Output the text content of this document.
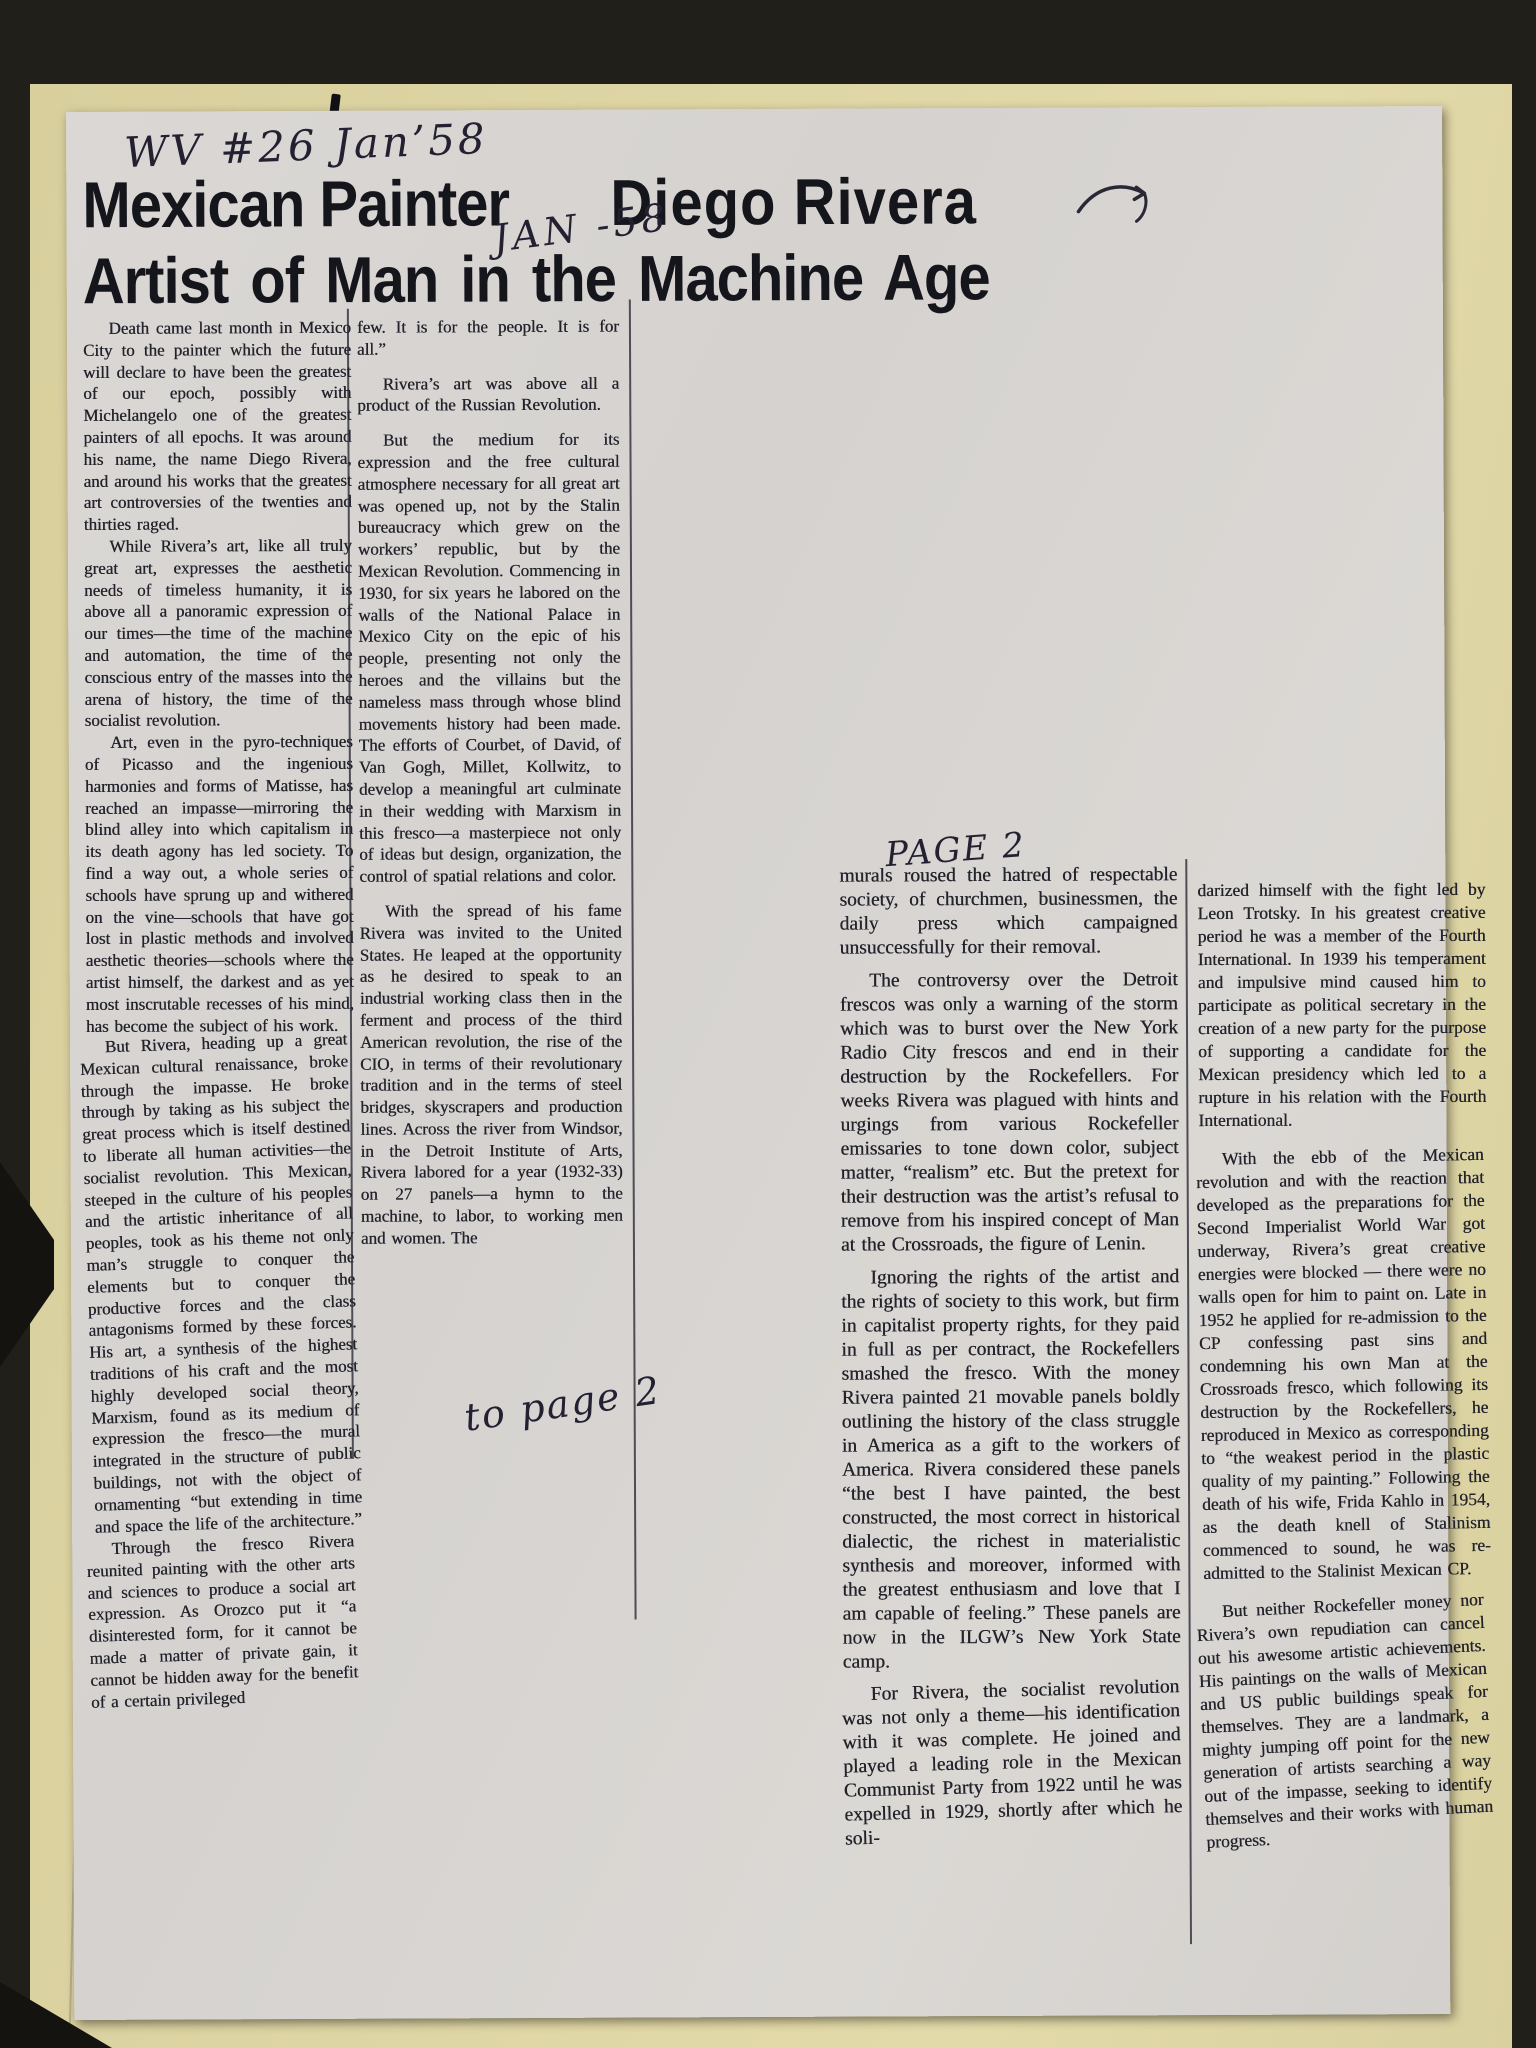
WV #26 Jan’58
Mexican Painter Diego Rivera
Artist of Man in the Machine Age
JAN -58

Death came last month in Mexico City to the painter which the future will declare to have been the greatest of our epoch, possibly with Michelangelo one of the greatest painters of all epochs. It was around his name, the name Diego Rivera, and around his works that the greatest art controversies of the twenties and thirties raged.

While Rivera’s art, like all truly great art, expresses the aesthetic needs of timeless humanity, it is above all a panoramic expression of our times—the time of the machine and automation, the time of the conscious entry of the masses into the arena of history, the time of the socialist revolution.

Art, even in the pyro-techniques of Picasso and the ingenious harmonies and forms of Matisse, has reached an impasse—mirroring the blind alley into which capitalism in its death agony has led society. To find a way out, a whole series of schools have sprung up and withered on the vine—schools that have got lost in plastic methods and involved aesthetic theories—schools where the artist himself, the darkest and as yet most inscrutable recesses of his mind, has become the subject of his work.

But Rivera, heading up a great Mexican cultural renaissance, broke through the impasse. He broke through by taking as his subject the great process which is itself destined to liberate all human activities—the socialist revolution. This Mexican, steeped in the culture of his peoples and the artistic inheritance of all peoples, took as his theme not only man’s struggle to conquer the elements but to conquer the productive forces and the class antagonisms formed by these forces. His art, a synthesis of the highest traditions of his craft and the most highly developed social theory, Marxism, found as its medium of expression the fresco—the mural integrated in the structure of public buildings, not with the object of ornamenting “but extending in time and space the life of the architecture.”

Through the fresco Rivera reunited painting with the other arts and sciences to produce a social art expression. As Orozco put it “a disinterested form, for it cannot be made a matter of private gain, it cannot be hidden away for the benefit of a certain privileged

few. It is for the people. It is for all.”

Rivera’s art was above all a product of the Russian Revolution.

But the medium for its expression and the free cultural atmosphere necessary for all great art was opened up, not by the Stalin bureaucracy which grew on the workers’ republic, but by the Mexican Revolution. Commencing in 1930, for six years he labored on the walls of the National Palace in Mexico City on the epic of his people, presenting not only the heroes and the villains but the nameless mass through whose blind movements history had been made. The efforts of Courbet, of David, of Van Gogh, Millet, Kollwitz, to develop a meaningful art culminate in their wedding with Marxism in this fresco—a masterpiece not only of ideas but design, organization, the control of spatial relations and color.

With the spread of his fame Rivera was invited to the United States. He leaped at the opportunity as he desired to speak to an industrial working class then in the ferment and process of the third American revolution, the rise of the CIO, in terms of their revolutionary tradition and in the terms of steel bridges, skyscrapers and production lines. Across the river from Windsor, in the Detroit Institute of Arts, Rivera labored for a year (1932-33) on 27 panels—a hymn to the machine, to labor, to working men and women. The

to page 2
PAGE 2

murals roused the hatred of respectable society, of churchmen, businessmen, the daily press which campaigned unsuccessfully for their removal.

The controversy over the Detroit frescos was only a warning of the storm which was to burst over the New York Radio City frescos and end in their destruction by the Rockefellers. For weeks Rivera was plagued with hints and urgings from various Rockefeller emissaries to tone down color, subject matter, “realism” etc. But the pretext for their destruction was the artist’s refusal to remove from his inspired concept of Man at the Crossroads, the figure of Lenin.

Ignoring the rights of the artist and the rights of society to this work, but firm in capitalist property rights, for they paid in full as per contract, the Rockefellers smashed the fresco. With the money Rivera painted 21 movable panels boldly outlining the history of the class struggle in America as a gift to the workers of America. Rivera considered these panels “the best I have painted, the best constructed, the most correct in historical dialectic, the richest in materialistic synthesis and moreover, informed with the greatest enthusiasm and love that I am capable of feeling.” These panels are now in the ILGW’s New York State camp.

For Rivera, the socialist revolution was not only a theme—his identification with it was complete. He joined and played a leading role in the Mexican Communist Party from 1922 until he was expelled in 1929, shortly after which he soli-

darized himself with the fight led by Leon Trotsky. In his greatest creative period he was a member of the Fourth International. In 1939 his temperament and impulsive mind caused him to participate as political secretary in the creation of a new party for the purpose of supporting a candidate for the Mexican presidency which led to a rupture in his relation with the Fourth International.

With the ebb of the Mexican revolution and with the reaction that developed as the preparations for the Second Imperialist World War got underway, Rivera’s great creative energies were blocked — there were no walls open for him to paint on. Late in 1952 he applied for re-admission to the CP confessing past sins and condemning his own Man at the Crossroads fresco, which following its destruction by the Rockefellers, he reproduced in Mexico as corresponding to “the weakest period in the plastic quality of my painting.” Following the death of his wife, Frida Kahlo in 1954, as the death knell of Stalinism commenced to sound, he was re-admitted to the Stalinist Mexican CP.

But neither Rockefeller money nor Rivera’s own repudiation can cancel out his awesome artistic achievements. His paintings on the walls of Mexican and US public buildings speak for themselves. They are a landmark, a mighty jumping off point for the new generation of artists searching a way out of the impasse, seeking to identify themselves and their works with human progress.
